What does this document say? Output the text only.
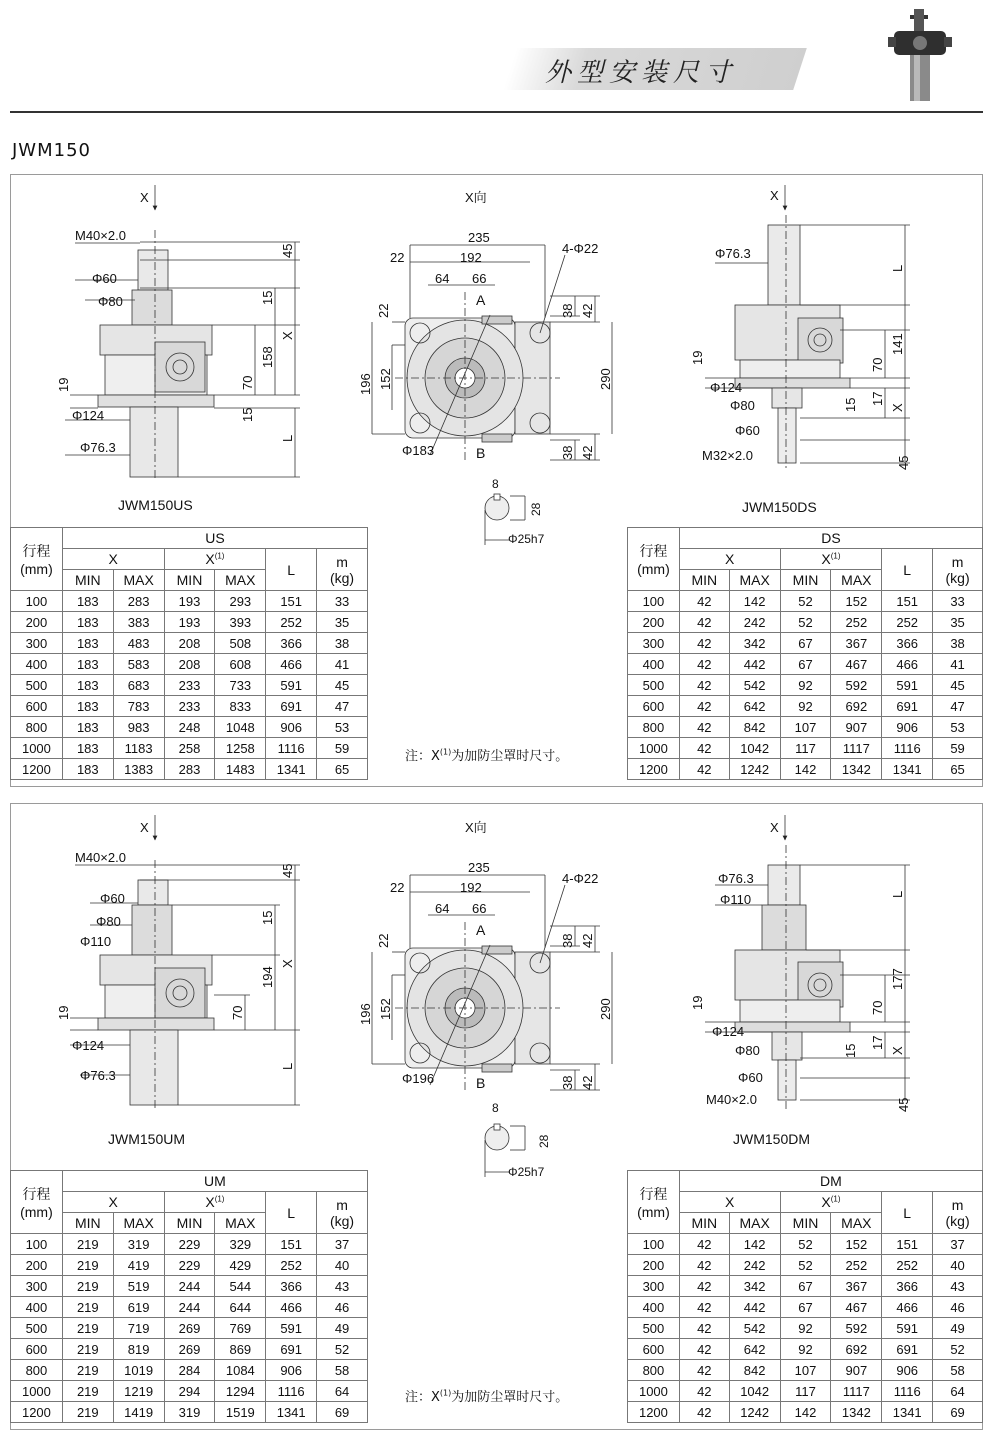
外型安装尺寸
JWM150
X
M40×2.0
Φ60
Φ80
Φ124
Φ76.3
JWM150US
45
15
X
158
70
15
L
19
X向
235
22	192
64 66
4-Φ22
A
B
22
196 152
38 42
290
38 42
Φ183
8
28
Φ25h7
X
Φ76.3
L
141
70
19
Φ124
Φ80	15 17
X
Φ60
M32×2.0	45
JWM150DS
X
M40×2.0
Φ60
Φ80
Φ110
Φ124
Φ76.3
JWM150UM
45
15
X
194
70
L
19
X向
235
22	192
64 66
4-Φ22
A
B
22
196 152
38 42
290
38 42
Φ196
8
28
Φ25h7
X
Φ76.3
Φ110	L
177
70
19
Φ124
Φ80	15
17
X
Φ60
M40×2.0	45
JWM150DM
行程
(mm)	US					
	X		$X^{(1)}$		L	m
(kg)
	MIN	MAX	MIN	MAX		
100	183	283	193	293	151	33
200	183	383	193	393	252	35
300	183	483	208	508	366	38
400	183	583	208	608	466	41
500	183	683	233	733	591	45
600	183	783	233	833	691	47
800	183	983	248	1048	906	53
1000	183	1183	258	1258	1116	59
1200	183	1383	283	1483	1341	65
行程
(mm)	DS					
	X		$X^{(1)}$		L	m
(kg)
	MIN	MAX	MIN	MAX		
100	42	142	52	152	151	33
200	42	242	52	252	252	35
300	42	342	67	367	366	38
400	42	442	67	467	466	41
500	42	542	92	592	591	45
600	42	642	92	692	691	47
800	42	842	107	907	906	53
1000	42	1042	117	1117	1116	59
1200	42	1242	142	1342	1341	65
注：$X^{(1)}$为加防尘罩时尺寸。
行程
(mm)	UM					
	X		$X^{(1)}$		L	m
(kg)
	MIN	MAX	MIN	MAX		
100	219	319	229	329	151	37
200	219	419	229	429	252	40
300	219	519	244	544	366	43
400	219	619	244	644	466	46
500	219	719	269	769	591	49
600	219	819	269	869	691	52
800	219	1019	284	1084	906	58
1000	219	1219	294	1294	1116	64
1200	219	1419	319	1519	1341	69
行程
(mm)	DM					
	X		$X^{(1)}$		L	m
(kg)
	MIN	MAX	MIN	MAX		
100	42	142	52	152	151	37
200	42	242	52	252	252	40
300	42	342	67	367	366	43
400	42	442	67	467	466	46
500	42	542	92	592	591	49
600	42	642	92	692	691	52
800	42	842	107	907	906	58
1000	42	1042	117	1117	1116	64
1200	42	1242	142	1342	1341	69
注：$X^{(1)}$为加防尘罩时尺寸。
